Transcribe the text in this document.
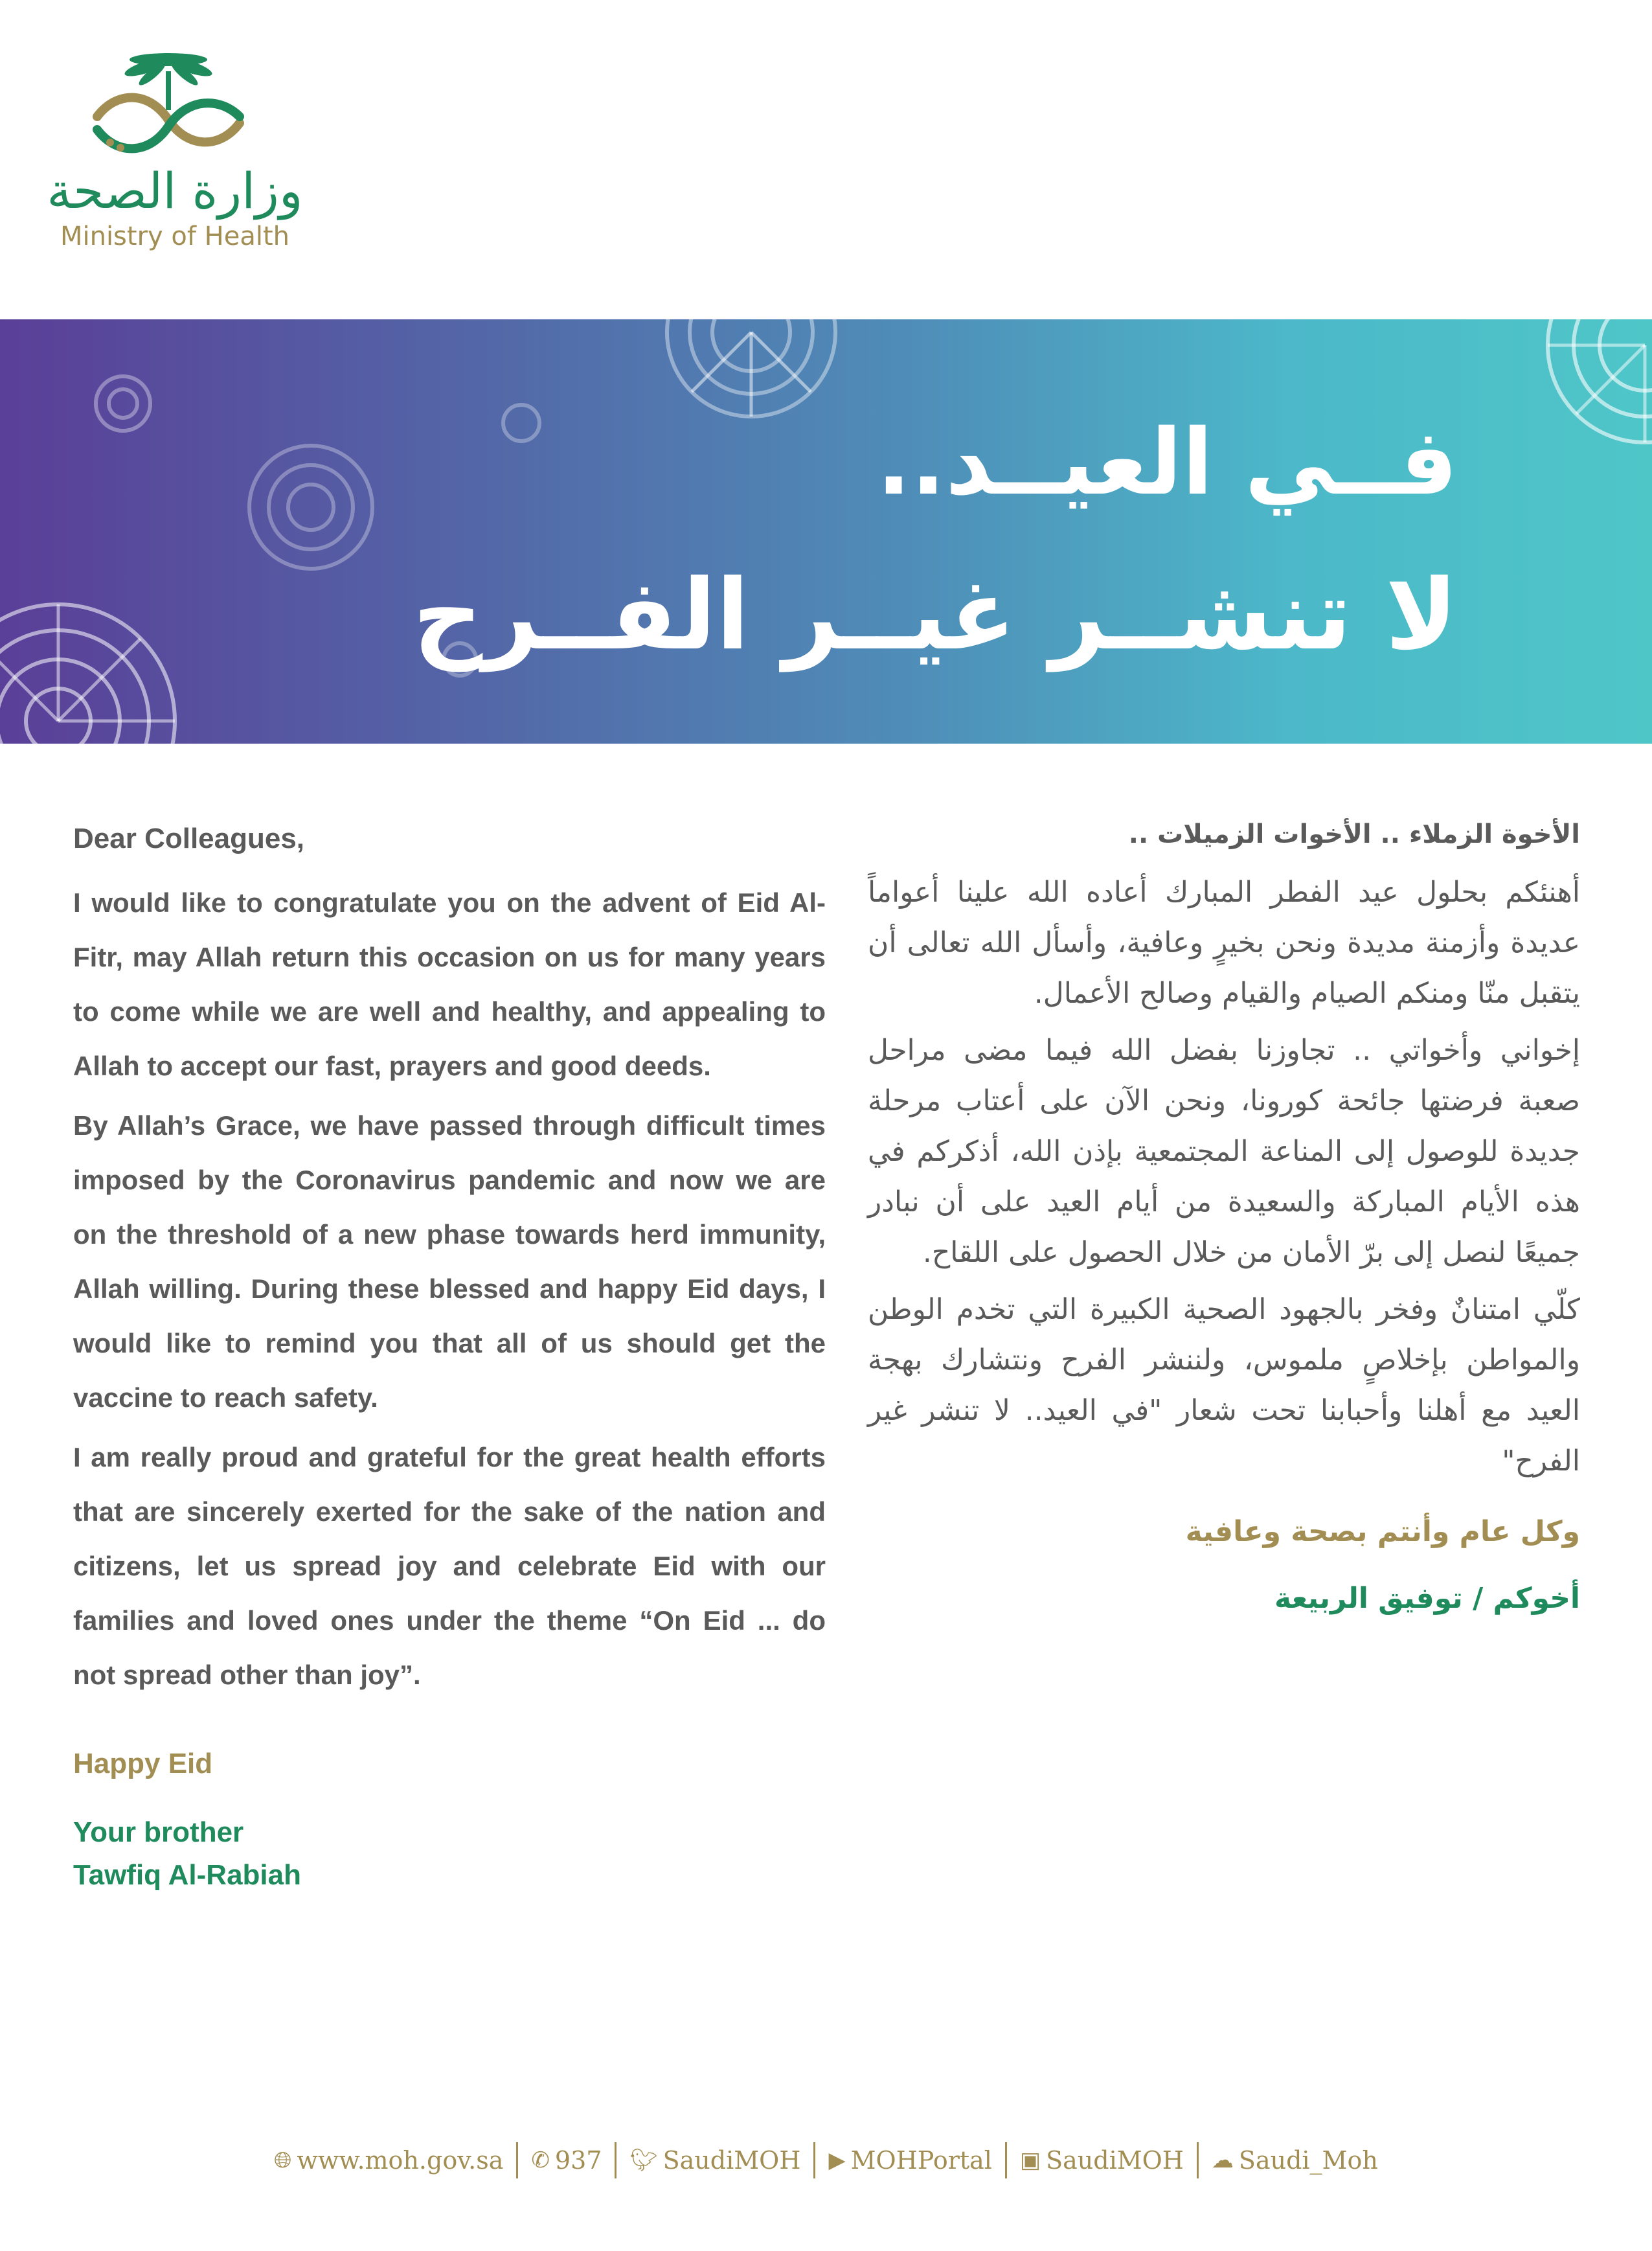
وزارة الصحة
Ministry of Health
فــي العيــد..
لا تنشــر غيــر الفــرح
Dear Colleagues,

I would like to congratulate you on the advent of Eid Al-Fitr, may Allah return this occasion on us for many years to come while we are well and healthy, and appealing to Allah to accept our fast, prayers and good deeds.

By Allah’s Grace, we have passed through difficult times imposed by the Coronavirus pandemic and now we are on the threshold of a new phase towards herd immunity, Allah willing. During these blessed and happy Eid days, I would like to remind you that all of us should get the vaccine to reach safety.

I am really proud and grateful for the great health efforts that are sincerely exerted for the sake of the nation and citizens, let us spread joy and celebrate Eid with our families and loved ones under the theme “On Eid ... do not spread other than joy”.

Happy Eid
Your brother
Tawfiq Al-Rabiah
الأخوة الزملاء .. الأخوات الزميلات ..

أهنئكم بحلول عيد الفطر المبارك أعاده الله علينا أعواماً عديدة وأزمنة مديدة ونحن بخيرٍ وعافية، وأسأل الله تعالى أن يتقبل منّا ومنكم الصيام والقيام وصالح الأعمال.

إخواني وأخواتي .. تجاوزنا بفضل الله فيما مضى مراحل صعبة فرضتها جائحة كورونا، ونحن الآن على أعتاب مرحلة جديدة للوصول إلى المناعة المجتمعية بإذن الله، أذكركم في هذه الأيام المباركة والسعيدة من أيام العيد على أن نبادر جميعًا لنصل إلى برّ الأمان من خلال الحصول على اللقاح.

كلّي امتنانٌ وفخر بالجهود الصحية الكبيرة التي تخدم الوطن والمواطن بإخلاصٍ ملموس، ولننشر الفرح ونتشارك بهجة العيد مع أهلنا وأحبابنا تحت شعار "في العيد.. لا تنشر غير الفرح"

وكل عام وأنتم بصحة وعافية
أخوكم / توفيق الربيعة
🌐︎ www.moh.gov.sa ✆ 937 🐦︎ SaudiMOH ▶ MOHPortal ▣ SaudiMOH ☁ Saudi_Moh
